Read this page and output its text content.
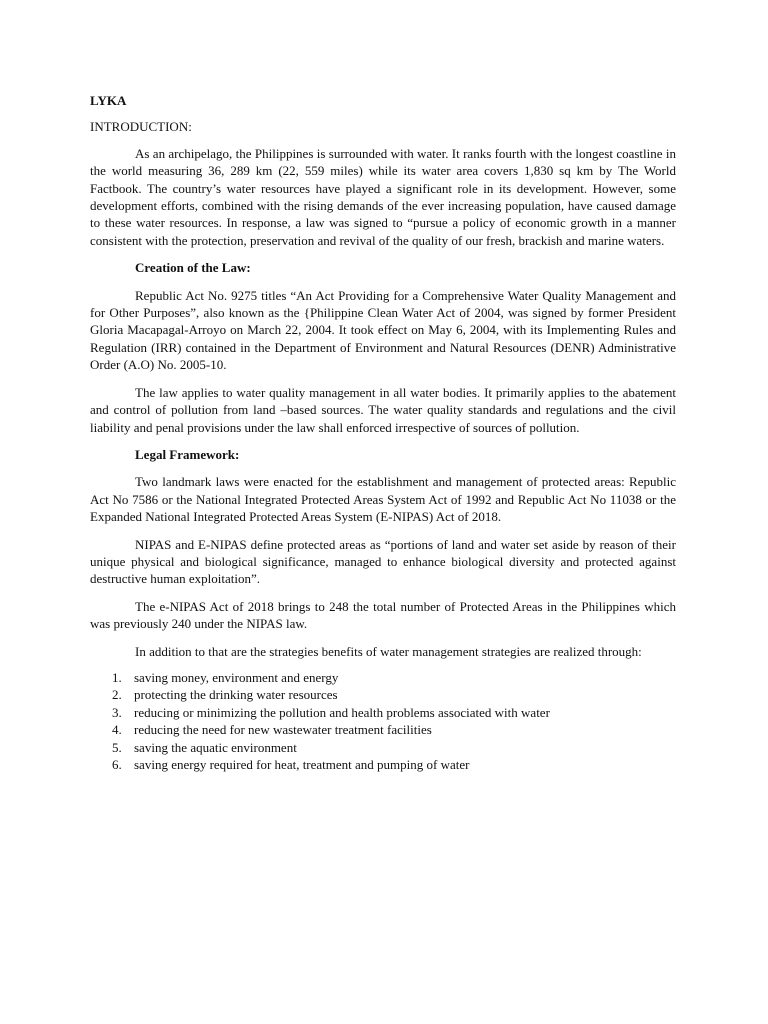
LYKA
INTRODUCTION:

As an archipelago, the Philippines is surrounded with water. It ranks fourth with the longest coastline in the world measuring 36, 289 km (22, 559 miles) while its water area covers 1,830 sq km by The World Factbook. The country’s water resources have played a significant role in its development. However, some development efforts, combined with the rising demands of the ever increasing population, have caused damage to these water resources. In response, a law was signed to “pursue a policy of economic growth in a manner consistent with the protection, preservation and revival of the quality of our fresh, brackish and marine waters.

Creation of the Law:

Republic Act No. 9275 titles “An Act Providing for a Comprehensive Water Quality Management and for Other Purposes”, also known as the {Philippine Clean Water Act of 2004, was signed by former President Gloria Macapagal-Arroyo on March 22, 2004. It took effect on May 6, 2004, with its Implementing Rules and Regulation (IRR) contained in the Department of Environment and Natural Resources (DENR) Administrative Order (A.O) No. 2005-10.

The law applies to water quality management in all water bodies. It primarily applies to the abatement and control of pollution from land –based sources. The water quality standards and regulations and the civil liability and penal provisions under the law shall enforced irrespective of sources of pollution.

Legal Framework:

Two landmark laws were enacted for the establishment and management of protected areas: Republic Act No 7586 or the National Integrated Protected Areas System Act of 1992 and Republic Act No 11038 or the Expanded National Integrated Protected Areas System (E-NIPAS) Act of 2018.

NIPAS and E-NIPAS define protected areas as “portions of land and water set aside by reason of their unique physical and biological significance, managed to enhance biological diversity and protected against destructive human exploitation”.

The e-NIPAS Act of 2018 brings to 248 the total number of Protected Areas in the Philippines which was previously 240 under the NIPAS law.

In addition to that are the strategies benefits of water management strategies are realized through:

1. saving money, environment and energy
2. protecting the drinking water resources
3. reducing or minimizing the pollution and health problems associated with water
4. reducing the need for new wastewater treatment facilities
5. saving the aquatic environment
6. saving energy required for heat, treatment and pumping of water
